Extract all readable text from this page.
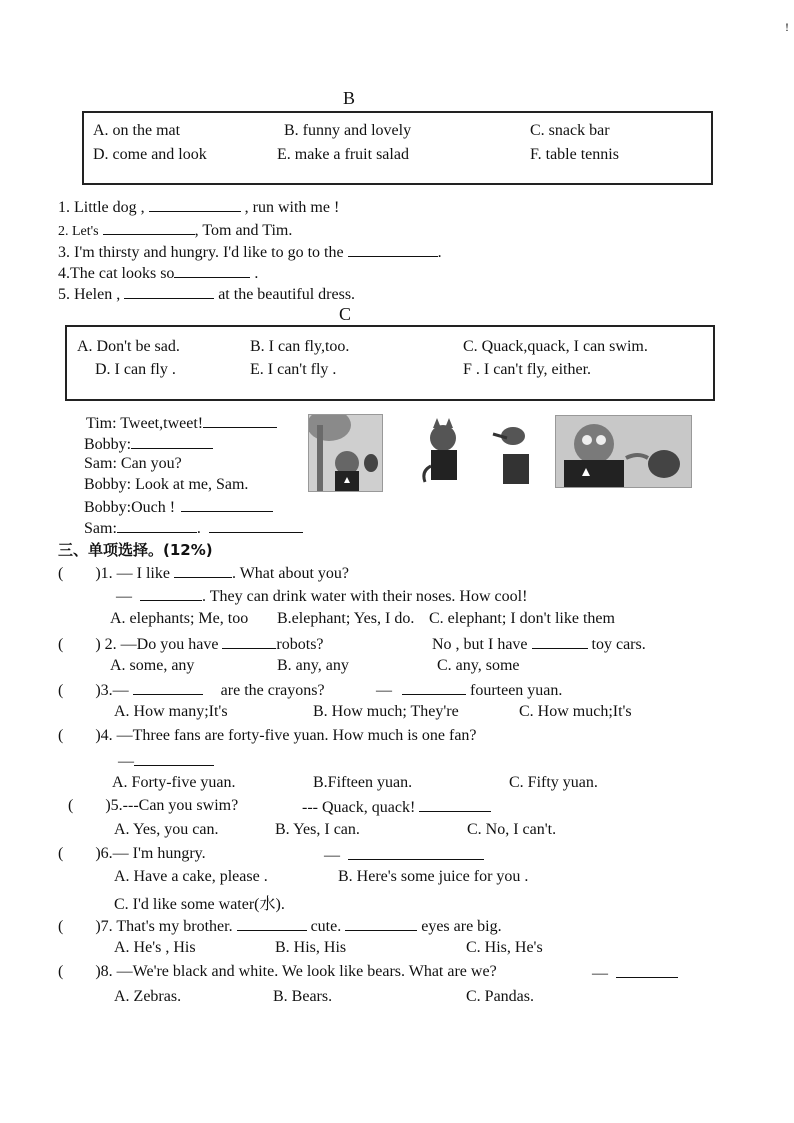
!
B
A. on the mat	B. funny and lovely	C. snack bar
D. come and look	E. make a fruit salad	F. table tennis
1. Little dog ,	, run with me !
2. Let's	, Tom and Tim.
3. I'm thirsty and hungry. I'd like to go to the	.
4.The cat looks so	.
5. Helen ,	at the beautiful dress.
C
A. Don't be sad.	B. I can fly,too.	C. Quack,quack, I can swim.
D. I can fly .	E. I can't fly .	F . I can't fly, either.
Tim: Tweet,tweet!
Bobby:
Sam: Can you?
Bobby: Look at me, Sam.
Bobby:Ouch !
Sam:	.
三、单项选择。(12%)
( )1. — I like	. What about you?
—	. They can drink water with their noses. How cool!
A. elephants; Me, too B.elephant; Yes, I do. C. elephant; I don't like them
( ) 2. —Do you have	robots?	No , but I have	toy cars.
A. some, any	B. any, any	C. any, some
( )3.—	are the crayons?	—	fourteen yuan.
A. How many;It's	B. How much; They're	C. How much;It's
( )4. —Three fans are forty-five yuan. How much is one fan?
—
A. Forty-five yuan.	B.Fifteen yuan.	C. Fifty yuan.
( )5.---Can you swim?	--- Quack, quack!
A. Yes, you can.	B. Yes, I can.	C. No, I can't.
( )6.— I'm hungry.	—
A. Have a cake, please .	B. Here's some juice for you .
C. I'd like some water(水).
( )7. That's my brother.	cute.	eyes are big.
A. He's , His	B. His, His	C. His, He's
( )8. —We're black and white. We look like bears. What are we?	—
A. Zebras.	B. Bears.	C. Pandas.
